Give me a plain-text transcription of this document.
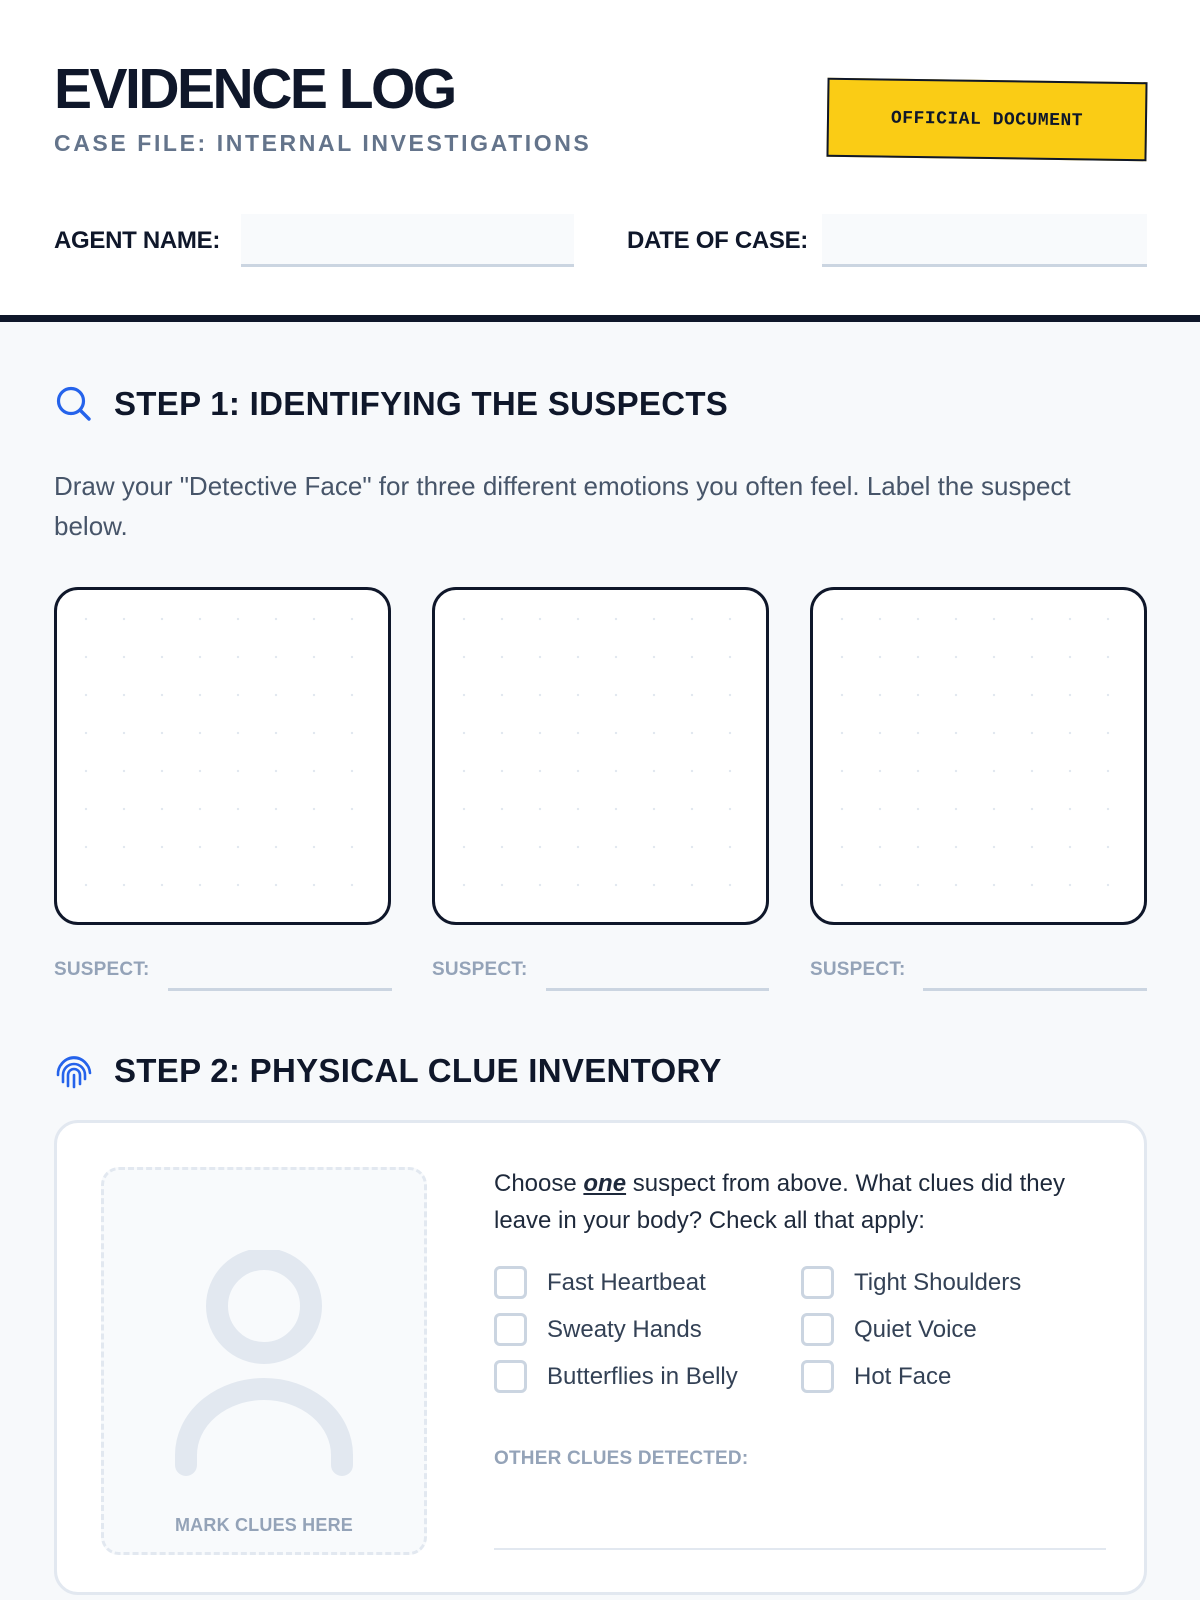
EVIDENCE LOG
CASE FILE: INTERNAL INVESTIGATIONS
OFFICIAL DOCUMENT
AGENT NAME:	DATE OF CASE:
STEP 1: IDENTIFYING THE SUSPECTS
Draw your "Detective Face" for three different emotions you often feel. Label the suspect below.
SUSPECT:	SUSPECT:	SUSPECT:
STEP 2: PHYSICAL CLUE INVENTORY
MARK CLUES HERE
Choose one suspect from above. What clues did they leave in your body? Check all that apply:
Fast Heartbeat
Sweaty Hands
Butterflies in Belly
Tight Shoulders
Quiet Voice
Hot Face
OTHER CLUES DETECTED:
